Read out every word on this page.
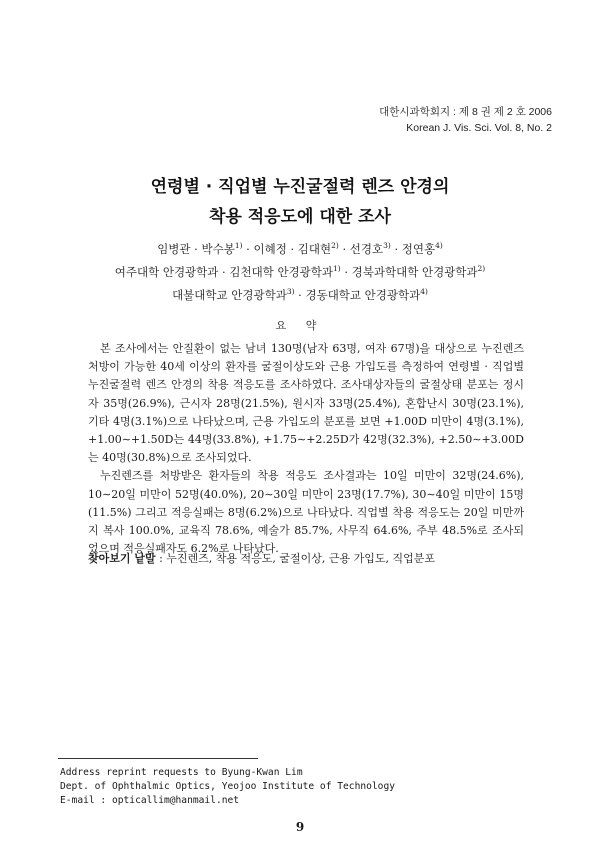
대한시과학회지 : 제 8 권 제 2 호 2006
Korean J. Vis. Sci. Vol. 8, No. 2
연령별 · 직업별 누진굴절력 렌즈 안경의
착용 적응도에 대한 조사
임병관 · 박수봉$^{1)}$ · 이혜정 · 김대현$^{2)}$ · 선경호$^{3)}$ · 정연홍$^{4)}$
여주대학 안경광학과 · 김천대학 안경광학과$^{1)}$ · 경북과학대학 안경광학과$^{2)}$
대불대학교 안경광학과$^{3)}$ · 경동대학교 안경광학과$^{4)}$
요 약

본 조사에서는 안질환이 없는 남녀 130명(남자 63명, 여자 67명)을 대상으로 누진렌즈 처방이 가능한 40세 이상의 환자를 굴절이상도와 근용 가입도를 측정하여 연령별 · 직업별 누진굴절력 렌즈 안경의 착용 적응도를 조사하였다. 조사대상자들의 굴절상태 분포는 정시자 35명(26.9%), 근시자 28명(21.5%), 원시자 33명(25.4%), 혼합난시 30명(23.1%), 기타 4명(3.1%)으로 나타났으며, 근용 가입도의 분포를 보면 +1.00D 미만이 4명(3.1%), +1.00∼+1.50D는 44명(33.8%), +1.75∼+2.25D가 42명(32.3%), +2.50∼+3.00D는 40명(30.8%)으로 조사되었다.

누진렌즈를 처방받은 환자들의 착용 적응도 조사결과는 10일 미만이 32명(24.6%), 10∼20일 미만이 52명(40.0%), 20∼30일 미만이 23명(17.7%), 30∼40일 미만이 15명(11.5%) 그리고 적응실패는 8명(6.2%)으로 나타났다. 직업별 착용 적응도는 20일 미만까지 복사 100.0%, 교육직 78.6%, 예술가 85.7%, 사무직 64.6%, 주부 48.5%로 조사되었으며 적응실패자도 6.2%로 나타났다.

찾아보기 낱말 : 누진렌즈, 착용 적응도, 굴절이상, 근용 가입도, 직업분포
Address reprint requests to Byung-Kwan Lim
Dept. of Ophthalmic Optics, Yeojoo Institute of Technology
E-mail : opticallim@hanmail.net
9
